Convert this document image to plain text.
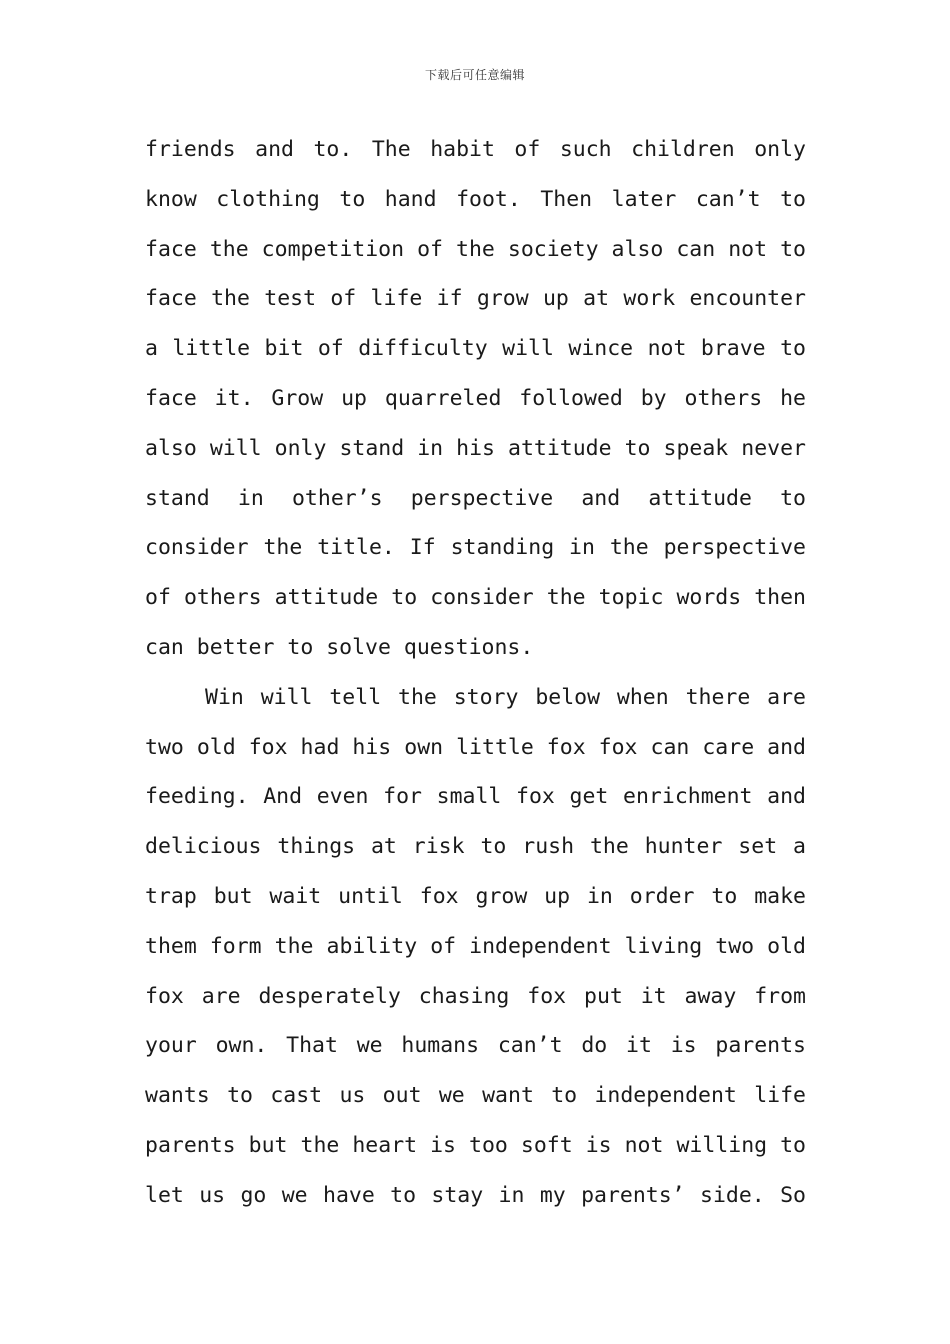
下载后可任意编辑
friends and to. The habit of such children only
know clothing to hand foot. Then later can’t to
face the competition of the society also can not to
face the test of life if grow up at work encounter
a little bit of difficulty will wince not brave to
face it. Grow up quarreled followed by others he
also will only stand in his attitude to speak never
stand in other’s perspective and attitude to
consider the title. If standing in the perspective
of others attitude to consider the topic words then
can better to solve questions.
Win will tell the story below when there are
two old fox had his own little fox fox can care and
feeding. And even for small fox get enrichment and
delicious things at risk to rush the hunter set a
trap but wait until fox grow up in order to make
them form the ability of independent living two old
fox are desperately chasing fox put it away from
your own. That we humans can’t do it is parents
wants to cast us out we want to independent life
parents but the heart is too soft is not willing to
let us go we have to stay in my parents’ side. So
